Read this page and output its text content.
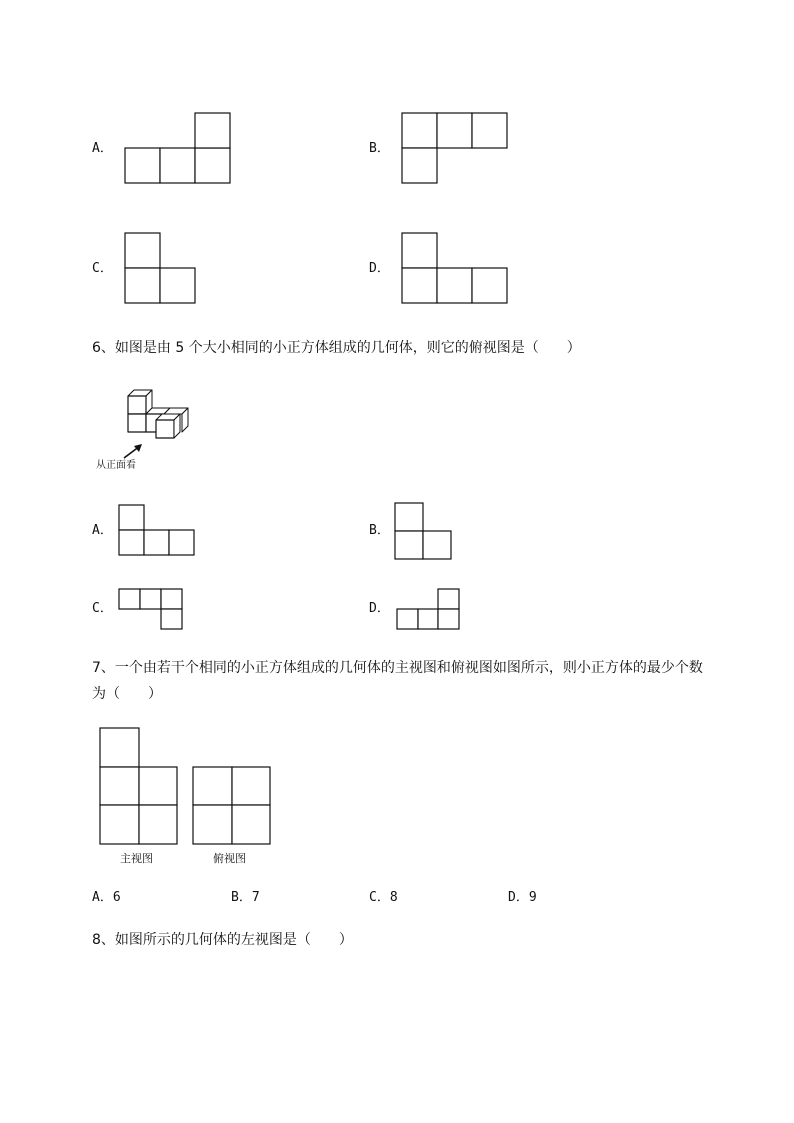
A．	B．
C．	D．
6、如图是由 5 个大小相同的小正方体组成的几何体，则它的俯视图是（　　）
从正面看
A．	B．
C．	D．
7、一个由若干个相同的小正方体组成的几何体的主视图和俯视图如图所示，则小正方体的最少个数
为（　　）
主视图	俯视图
A．6	B．7	C．8	D．9
8、如图所示的几何体的左视图是（　　）
